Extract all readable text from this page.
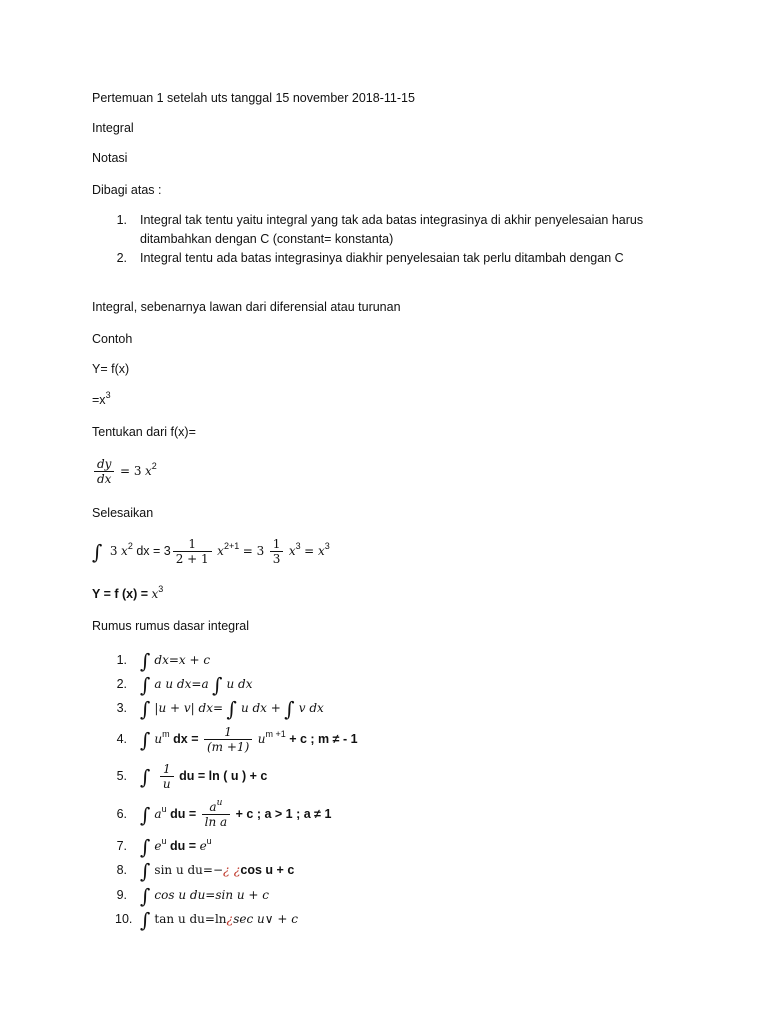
Pertemuan 1 setelah uts tanggal 15 november 2018-11-15
Integral
Notasi
Dibagi atas :
1. Integral tak tentu yaitu integral yang tak ada batas integrasinya di akhir penyelesaian harus
ditambahkan dengan C (constant= konstanta)
2. Integral tentu ada batas integrasinya diakhir penyelesaian tak perlu ditambah dengan C
Integral, sebenarnya lawan dari diferensial atau turunan
Contoh
Y= f(x)
$=x^3$
Tentukan dari f(x)=
$\frac{dy}{dx} = 3$ $x^2$
Selesaikan
∫ 3 $x^2$ dx = $3 \frac{1}{2 + 1} x^{2+1} = 3 \frac{1}{3} x^3 = x^3$
Y = f $(x) = x^3$
Rumus rumus dasar integral
1. ∫ dx=x + c
2. ∫ a u dx=a ∫ u dx
3. ∫ |u + v| dx= ∫ u dx + ∫ v dx
4. ∫ $u^m$ dx = $\frac{1}{(m +1)} u^{m +1} + c$ ; m ≠ - 1
5. ∫ $\frac{1}{u}$ du = ln ( u ) + c
6. ∫ $a^u$ du = $\frac{a^u}{\text{ln a}} + c$ ; a > 1 ; a ≠ 1
7. ∫ $e^u$ du = $e^u$
8. ∫ sin u du=−¿ ¿cos u + c
9. ∫ cos u du=sin u + c
10. ∫ tan u du=ln¿sec u∨ + c
